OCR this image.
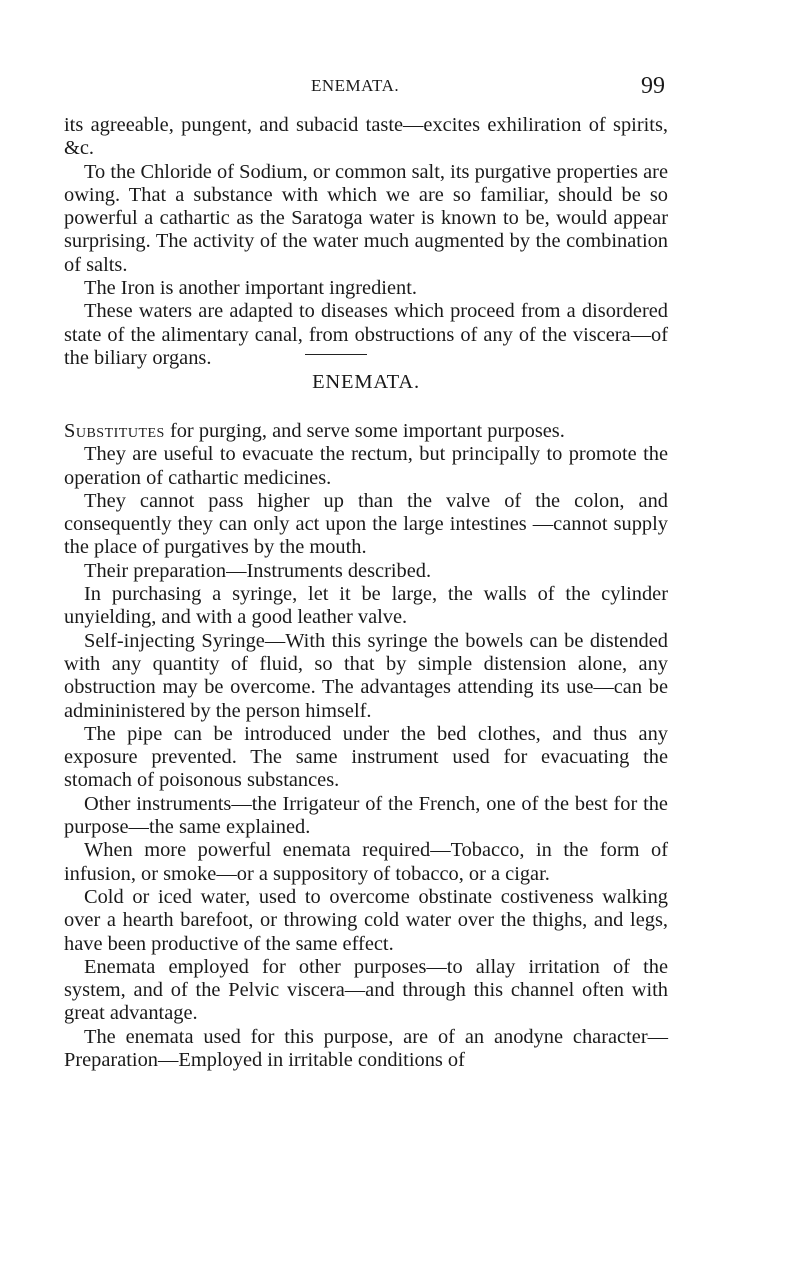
ENEMATA.	99

its agreeable, pungent, and subacid taste—excites exhiliration of spirits, &c.

To the Chloride of Sodium, or common salt, its purgative properties are owing. That a substance with which we are so familiar, should be so powerful a cathartic as the Saratoga water is known to be, would appear surprising. The activity of the water much augmented by the combination of salts.

The Iron is another important ingredient.

These waters are adapted to diseases which proceed from a disordered state of the alimentary canal, from obstructions of any of the viscera—of the biliary organs.

ENEMATA.

Substitutes for purging, and serve some important purposes.

They are useful to evacuate the rectum, but principally to promote the operation of cathartic medicines.

They cannot pass higher up than the valve of the colon, and consequently they can only act upon the large intestines —cannot supply the place of purgatives by the mouth.

Their preparation—Instruments described.

In purchasing a syringe, let it be large, the walls of the cylinder unyielding, and with a good leather valve.

Self-injecting Syringe—With this syringe the bowels can be distended with any quantity of fluid, so that by simple distension alone, any obstruction may be overcome. The advantages attending its use—can be admininistered by the person himself.

The pipe can be introduced under the bed clothes, and thus any exposure prevented. The same instrument used for evacuating the stomach of poisonous substances.

Other instruments—the Irrigateur of the French, one of the best for the purpose—the same explained.

When more powerful enemata required—Tobacco, in the form of infusion, or smoke—or a suppository of tobacco, or a cigar.

Cold or iced water, used to overcome obstinate costiveness walking over a hearth barefoot, or throwing cold water over the thighs, and legs, have been productive of the same effect.

Enemata employed for other purposes—to allay irritation of the system, and of the Pelvic viscera—and through this channel often with great advantage.

The enemata used for this purpose, are of an anodyne character—Preparation—Employed in irritable conditions of
